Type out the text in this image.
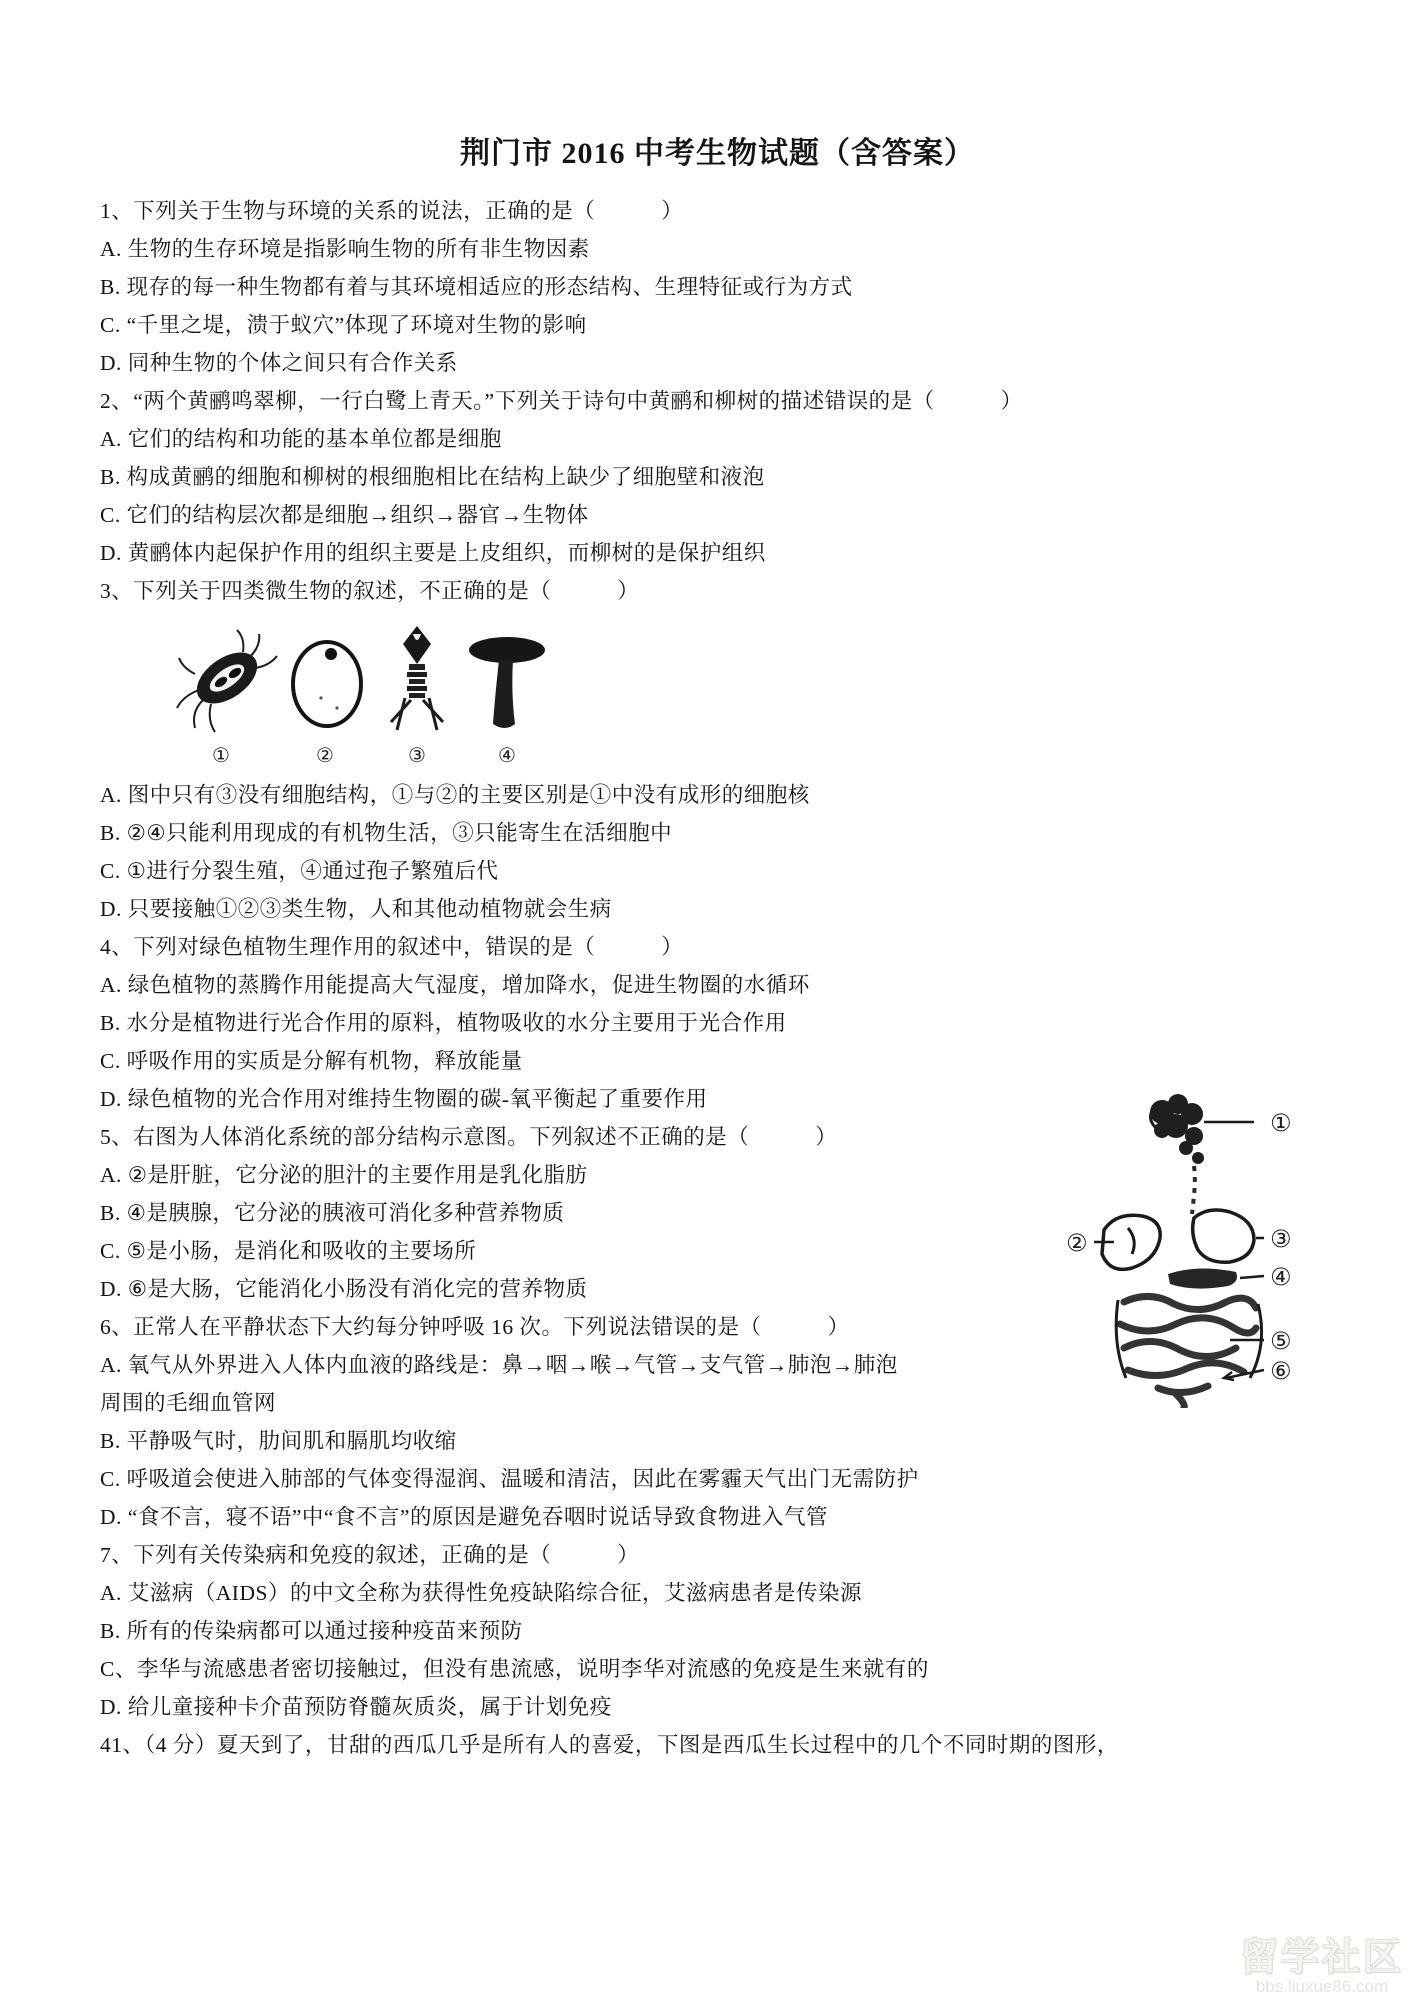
荆门市 2016 中考生物试题（含答案）
1、下列关于生物与环境的关系的说法，正确的是（　　　）
A. 生物的生存环境是指影响生物的所有非生物因素
B. 现存的每一种生物都有着与其环境相适应的形态结构、生理特征或行为方式
C. “千里之堤，溃于蚁穴”体现了环境对生物的影响
D. 同种生物的个体之间只有合作关系
2、“两个黄鹂鸣翠柳，一行白鹭上青天。”下列关于诗句中黄鹂和柳树的描述错误的是（　　　）
A. 它们的结构和功能的基本单位都是细胞
B. 构成黄鹂的细胞和柳树的根细胞相比在结构上缺少了细胞壁和液泡
C. 它们的结构层次都是细胞→组织→器官→生物体
D. 黄鹂体内起保护作用的组织主要是上皮组织，而柳树的是保护组织
3、下列关于四类微生物的叙述，不正确的是（　　　）
①	②	③	④
A. 图中只有③没有细胞结构，①与②的主要区别是①中没有成形的细胞核
B. ②④只能利用现成的有机物生活，③只能寄生在活细胞中
C. ①进行分裂生殖，④通过孢子繁殖后代
D. 只要接触①②③类生物，人和其他动植物就会生病
4、下列对绿色植物生理作用的叙述中，错误的是（　　　）
A. 绿色植物的蒸腾作用能提高大气湿度，增加降水，促进生物圈的水循环
B. 水分是植物进行光合作用的原料，植物吸收的水分主要用于光合作用
C. 呼吸作用的实质是分解有机物，释放能量
D. 绿色植物的光合作用对维持生物圈的碳-氧平衡起了重要作用
5、右图为人体消化系统的部分结构示意图。下列叙述不正确的是（　　　）
A. ②是肝脏，它分泌的胆汁的主要作用是乳化脂肪
B. ④是胰腺，它分泌的胰液可消化多种营养物质
C. ⑤是小肠，是消化和吸收的主要场所
D. ⑥是大肠，它能消化小肠没有消化完的营养物质
6、正常人在平静状态下大约每分钟呼吸 16 次。下列说法错误的是（　　　）
A. 氧气从外界进入人体内血液的路线是：鼻→咽→喉→气管→支气管→肺泡→肺泡
周围的毛细血管网
B. 平静吸气时，肋间肌和膈肌均收缩
C. 呼吸道会使进入肺部的气体变得湿润、温暖和清洁，因此在雾霾天气出门无需防护
D. “食不言，寝不语”中“食不言”的原因是避免吞咽时说话导致食物进入气管
7、下列有关传染病和免疫的叙述，正确的是（　　　）
A. 艾滋病（AIDS）的中文全称为获得性免疫缺陷综合征，艾滋病患者是传染源
B. 所有的传染病都可以通过接种疫苗来预防
C、李华与流感患者密切接触过，但没有患流感，说明李华对流感的免疫是生来就有的
D. 给儿童接种卡介苗预防脊髓灰质炎，属于计划免疫
41、（4 分）夏天到了，甘甜的西瓜几乎是所有人的喜爱，下图是西瓜生长过程中的几个不同时期的图形，
①
②	③
④
⑤
⑥
留学社区
bbs.liuxue86.com
